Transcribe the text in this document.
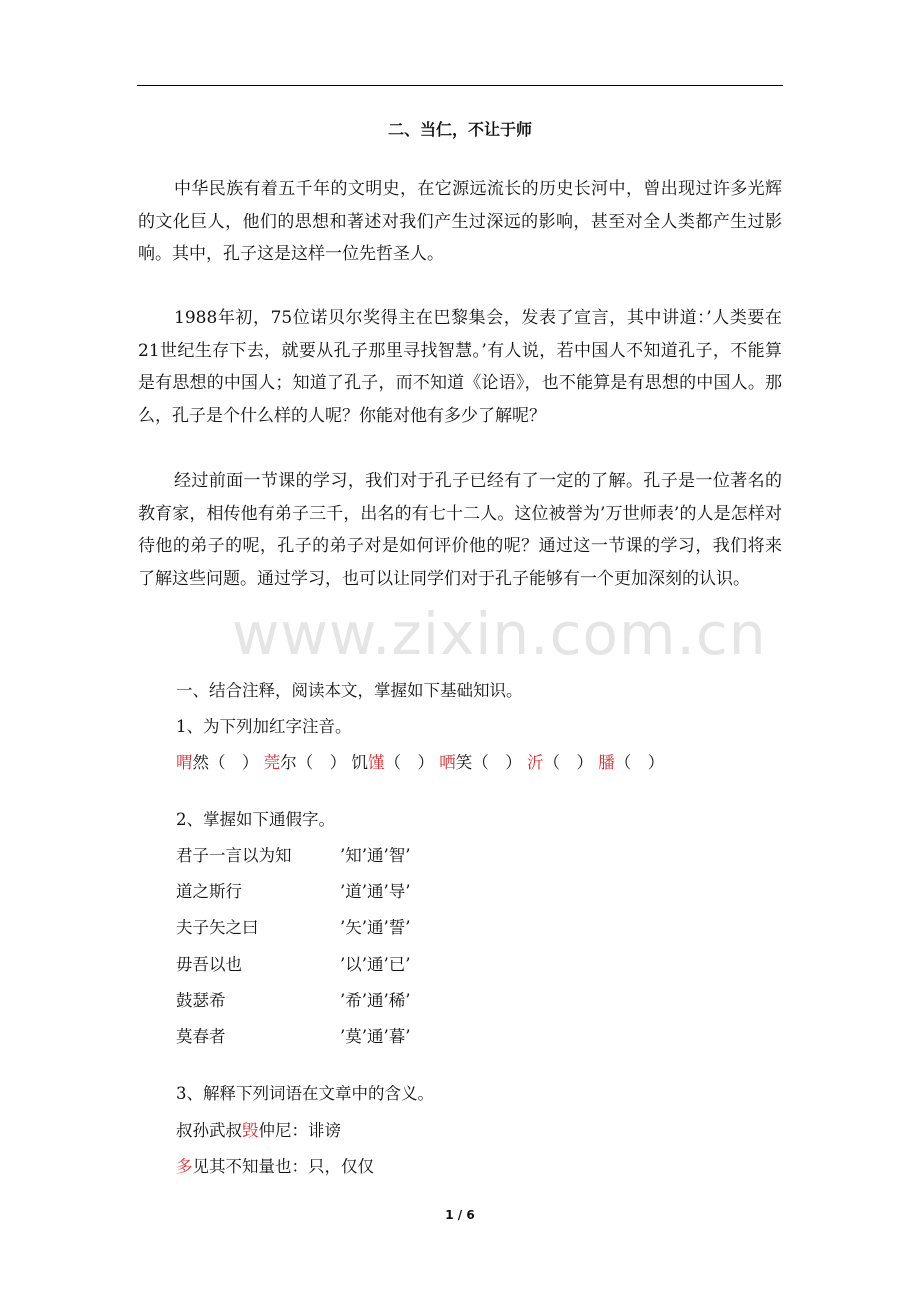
二、当仁，不让于师

中华民族有着五千年的文明史，在它源远流长的历史长河中，曾出现过许多光辉的文化巨人，他们的思想和著述对我们产生过深远的影响，甚至对全人类都产生过影响。其中，孔子这是这样一位先哲圣人。

1988年初，75位诺贝尔奖得主在巴黎集会，发表了宣言，其中讲道：’人类要在21世纪生存下去，就要从孔子那里寻找智慧。’有人说，若中国人不知道孔子，不能算是有思想的中国人；知道了孔子，而不知道《论语》，也不能算是有思想的中国人。那么，孔子是个什么样的人呢？你能对他有多少了解呢？

经过前面一节课的学习，我们对于孔子已经有了一定的了解。孔子是一位著名的教育家，相传他有弟子三千，出名的有七十二人。这位被誉为’万世师表’的人是怎样对待他的弟子的呢，孔子的弟子对是如何评价他的呢？通过这一节课的学习，我们将来了解这些问题。通过学习，也可以让同学们对于孔子能够有一个更加深刻的认识。

www.zixin.com.cn
一、结合注释，阅读本文，掌握如下基础知识。
1、为下列加红字注音。
喟然（　） 莞尔（　） 饥馑（　） 哂笑（　） 沂（　） 膰（　）
2、掌握如下通假字。
君子一言以为知	’知’通’智’
道之斯行	’道’通’导’
夫子矢之曰	’矢’通’誓’
毋吾以也	’以’通’已’
鼓瑟希	’希’通’稀’
莫春者	’莫’通’暮’
3、解释下列词语在文章中的含义。
叔孙武叔毁仲尼：诽谤
多见其不知量也：只，仅仅
1 / 6
